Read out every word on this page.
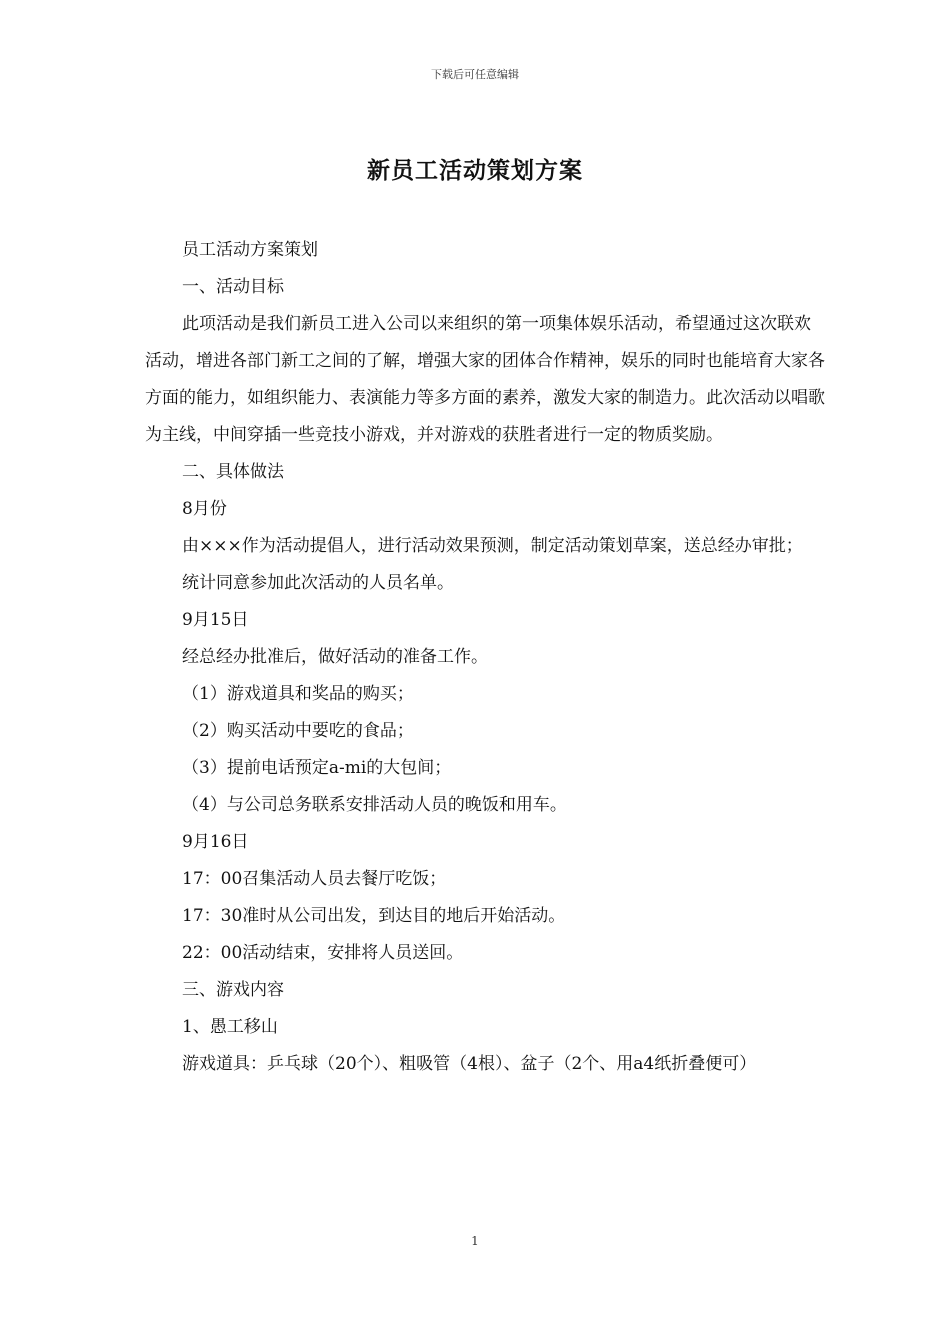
下载后可任意编辑
新员工活动策划方案

员工活动方案策划

一、活动目标

此项活动是我们新员工进入公司以来组织的第一项集体娱乐活动，希望通过这次联欢活动，增进各部门新工之间的了解，增强大家的团体合作精神，娱乐的同时也能培育大家各方面的能力，如组织能力、表演能力等多方面的素养，激发大家的制造力。此次活动以唱歌为主线，中间穿插一些竞技小游戏，并对游戏的获胜者进行一定的物质奖励。

二、具体做法

8月份

由×××作为活动提倡人，进行活动效果预测，制定活动策划草案，送总经办审批；

统计同意参加此次活动的人员名单。

9月15日

经总经办批准后，做好活动的准备工作。

（1）游戏道具和奖品的购买；

（2）购买活动中要吃的食品；

（3）提前电话预定a-mi的大包间；

（4）与公司总务联系安排活动人员的晚饭和用车。

9月16日

17：00召集活动人员去餐厅吃饭；

17：30准时从公司出发，到达目的地后开始活动。

22：00活动结束，安排将人员送回。

三、游戏内容

1、愚工移山

游戏道具：乒乓球（20个）、粗吸管（4根）、盆子（2个、用a4纸折叠便可）

1
